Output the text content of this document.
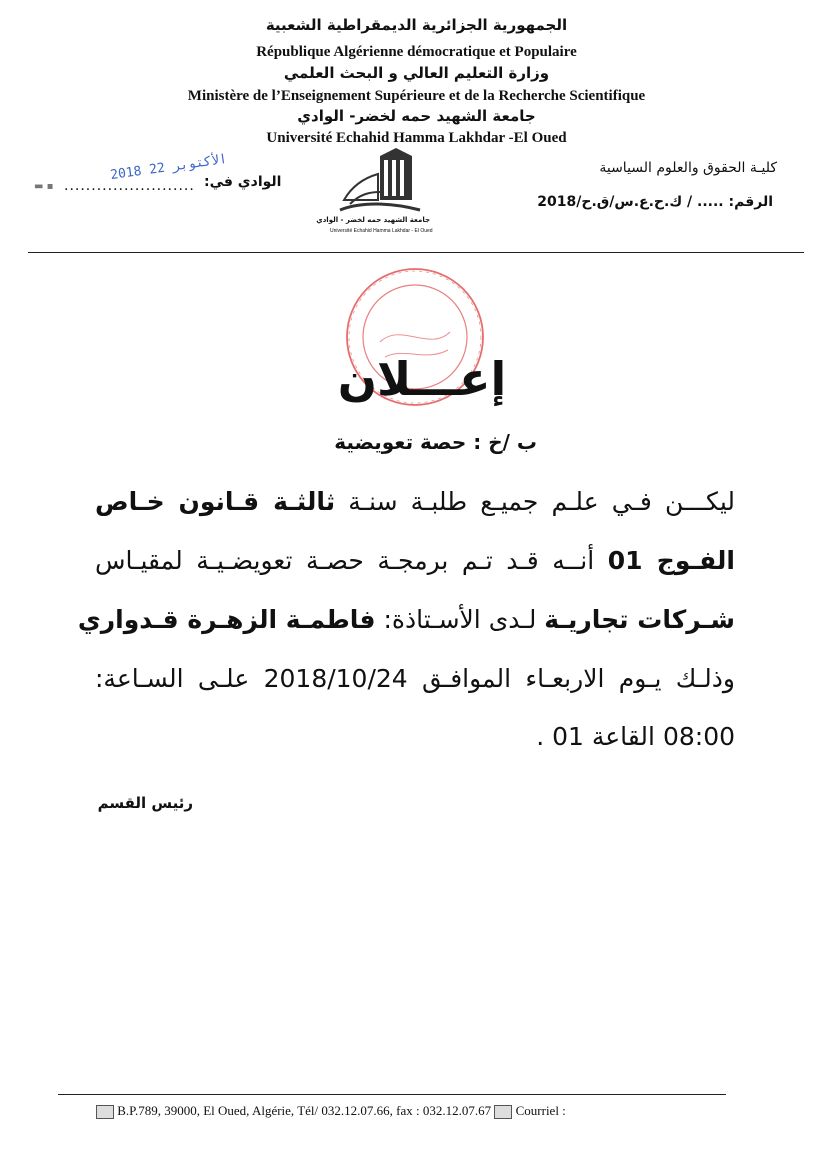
الجمهورية الجزائرية الديمقراطية الشعبية
République Algérienne démocratique et Populaire
وزارة التعليم العالي و البحث العلمي
Ministère de l’Enseignement Supérieure et de la Recherche Scientifique
جامعة الشهيد حمه لخضر- الوادي
Université Echahid Hamma Lakhdar -El Oued
كليـة الحقوق والعلوم السياسية
الرقم: ..... / ك.ح.ع.س/ق.ح/2018
الوادي في:
........................
2018 الأكتوبر 22
▬ ▪
جامعة الشهيد حمه لخضر - الوادي
Université Echahid Hamma Lakhdar - El Oued
إعـــلان
ب /خ : حصة تعويضية
ليكـــن فـي علـم جميـع طلبـة سنـة ثالثـة قـانون خـاص
الفـوج 01 أنــه قـد تـم برمجـة حصـة تعويضـيـة لمقيـاس
شـركات تجاريـة لـدى الأسـتاذة: فاطمـة الزهـرة قـدواري
وذلـك يـوم الاربعـاء الموافـق 2018/10/24 علـى السـاعة:
08:00 القاعة 01 .
رئيس القسم
B.P.789, 39000, El Oued, Algérie, Tél/ 032.12.07.66, fax : 032.12.07.67 Courriel :
